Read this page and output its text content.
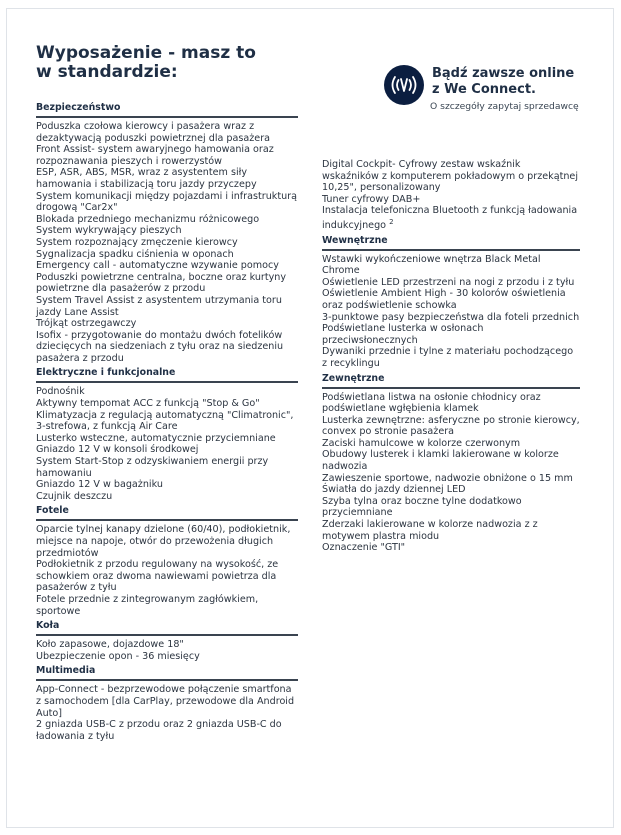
Wyposażenie - masz to
w standardzie:	Bądź zawsze online
z We Connect.
O szczegóły zapytaj sprzedawcę
Bezpieczeństwo
Poduszka czołowa kierowcy i pasażera wraz z dezaktywacją poduszki powietrznej dla pasażera
Front Assist- system awaryjnego hamowania oraz rozpoznawania pieszych i rowerzystów
ESP, ASR, ABS, MSR, wraz z asystentem siły hamowania i stabilizacją toru jazdy przyczepy
System komunikacji między pojazdami i infrastrukturą drogową "Car2x"
Blokada przedniego mechanizmu różnicowego
System wykrywający pieszych
System rozpoznający zmęczenie kierowcy
Sygnalizacja spadku ciśnienia w oponach
Emergency call - automatyczne wzywanie pomocy
Poduszki powietrzne centralna, boczne oraz kurtyny powietrzne dla pasażerów z przodu
System Travel Assist z asystentem utrzymania toru jazdy Lane Assist
Trójkąt ostrzegawczy
Isofix - przygotowanie do montażu dwóch fotelików dziecięcych na siedzeniach z tyłu oraz na siedzeniu pasażera z przodu
Elektryczne i funkcjonalne
Podnośnik
Aktywny tempomat ACC z funkcją "Stop & Go"
Klimatyzacja z regulacją automatyczną "Climatronic", 3-strefowa, z funkcją Air Care
Lusterko wsteczne, automatycznie przyciemniane
Gniazdo 12 V w konsoli środkowej
System Start-Stop z odzyskiwaniem energii przy hamowaniu
Gniazdo 12 V w bagażniku
Czujnik deszczu
Fotele
Oparcie tylnej kanapy dzielone (60/40), podłokietnik, miejsce na napoje, otwór do przewożenia długich przedmiotów
Podłokietnik z przodu regulowany na wysokość, ze schowkiem oraz dwoma nawiewami powietrza dla pasażerów z tyłu
Fotele przednie z zintegrowanym zagłówkiem, sportowe
Koła
Koło zapasowe, dojazdowe 18"
Ubezpieczenie opon - 36 miesięcy
Multimedia
App-Connect - bezprzewodowe połączenie smartfona z samochodem [dla CarPlay, przewodowe dla Android Auto]
2 gniazda USB-C z przodu oraz 2 gniazda USB-C do ładowania z tyłu
Digital Cockpit- Cyfrowy zestaw wskaźnik wskaźników z komputerem pokładowym o przekątnej 10,25", personalizowany
Tuner cyfrowy DAB+
Instalacja telefoniczna Bluetooth z funkcją ładowania indukcyjnego $^2$
Wewnętrzne
Wstawki wykończeniowe wnętrza Black Metal Chrome
Oświetlenie LED przestrzeni na nogi z przodu i z tyłu
Oświetlenie Ambient High - 30 kolorów oświetlenia oraz podświetlenie schowka
3-punktowe pasy bezpieczeństwa dla foteli przednich
Podświetlane lusterka w osłonach przeciwsłonecznych
Dywaniki przednie i tylne z materiału pochodzącego z recyklingu
Zewnętrzne
Podświetlana listwa na osłonie chłodnicy oraz podświetlane wgłębienia klamek
Lusterka zewnętrzne: asferyczne po stronie kierowcy, convex po stronie pasażera
Zaciski hamulcowe w kolorze czerwonym
Obudowy lusterek i klamki lakierowane w kolorze nadwozia
Zawieszenie sportowe, nadwozie obniżone o 15 mm
Światła do jazdy dziennej LED
Szyba tylna oraz boczne tylne dodatkowo przyciemniane
Zderzaki lakierowane w kolorze nadwozia z z motywem plastra miodu
Oznaczenie "GTI"
